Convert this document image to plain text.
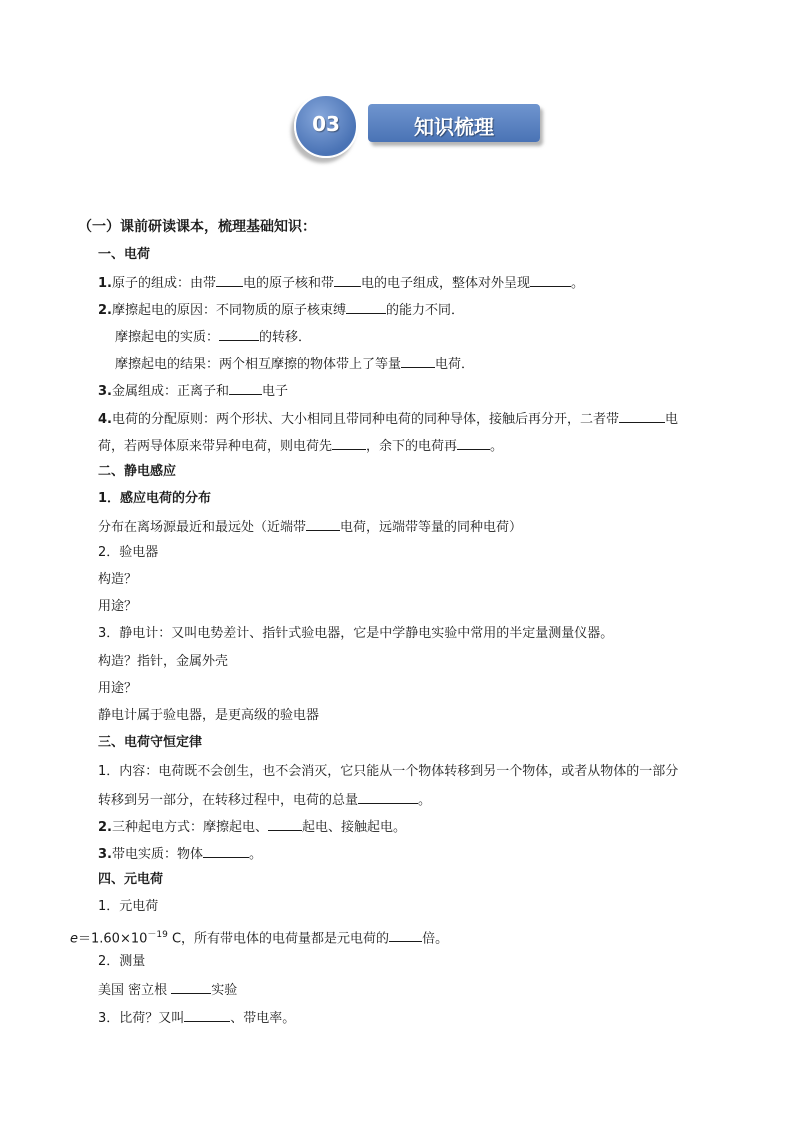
知识梳理
03
（一）课前研读课本，梳理基础知识：
一、电荷
1.原子的组成：由带 电的原子核和带 电的电子组成，整体对外呈现	。
2.摩擦起电的原因：不同物质的原子核束缚	的能力不同．
摩擦起电的实质：	的转移．
摩擦起电的结果：两个相互摩擦的物体带上了等量	电荷．
3.金属组成：正离子和	电子
4.电荷的分配原则：两个形状、大小相同且带同种电荷的同种导体，接触后再分开，二者带	电
荷，若两导体原来带异种电荷，则电荷先	，余下的电荷再	。
二、静电感应
1．感应电荷的分布
分布在离场源最近和最远处（近端带	电荷，远端带等量的同种电荷）
2．验电器
构造？
用途？
3．静电计：又叫电势差计、指针式验电器，它是中学静电实验中常用的半定量测量仪器。
构造？指针，金属外壳
用途？
静电计属于验电器，是更高级的验电器
三、电荷守恒定律
1．内容：电荷既不会创生，也不会消灭，它只能从一个物体转移到另一个物体，或者从物体的一部分
转移到另一部分，在转移过程中，电荷的总量	。
2.三种起电方式：摩擦起电、	起电、接触起电。
3.带电实质：物体	。
四、元电荷
1．元电荷
$e=1.60\times 10^{-19}$ C，所有带电体的电荷量都是元电荷的	倍。
2．测量
美国 密立根	实验
3．比荷？又叫	、带电率。
